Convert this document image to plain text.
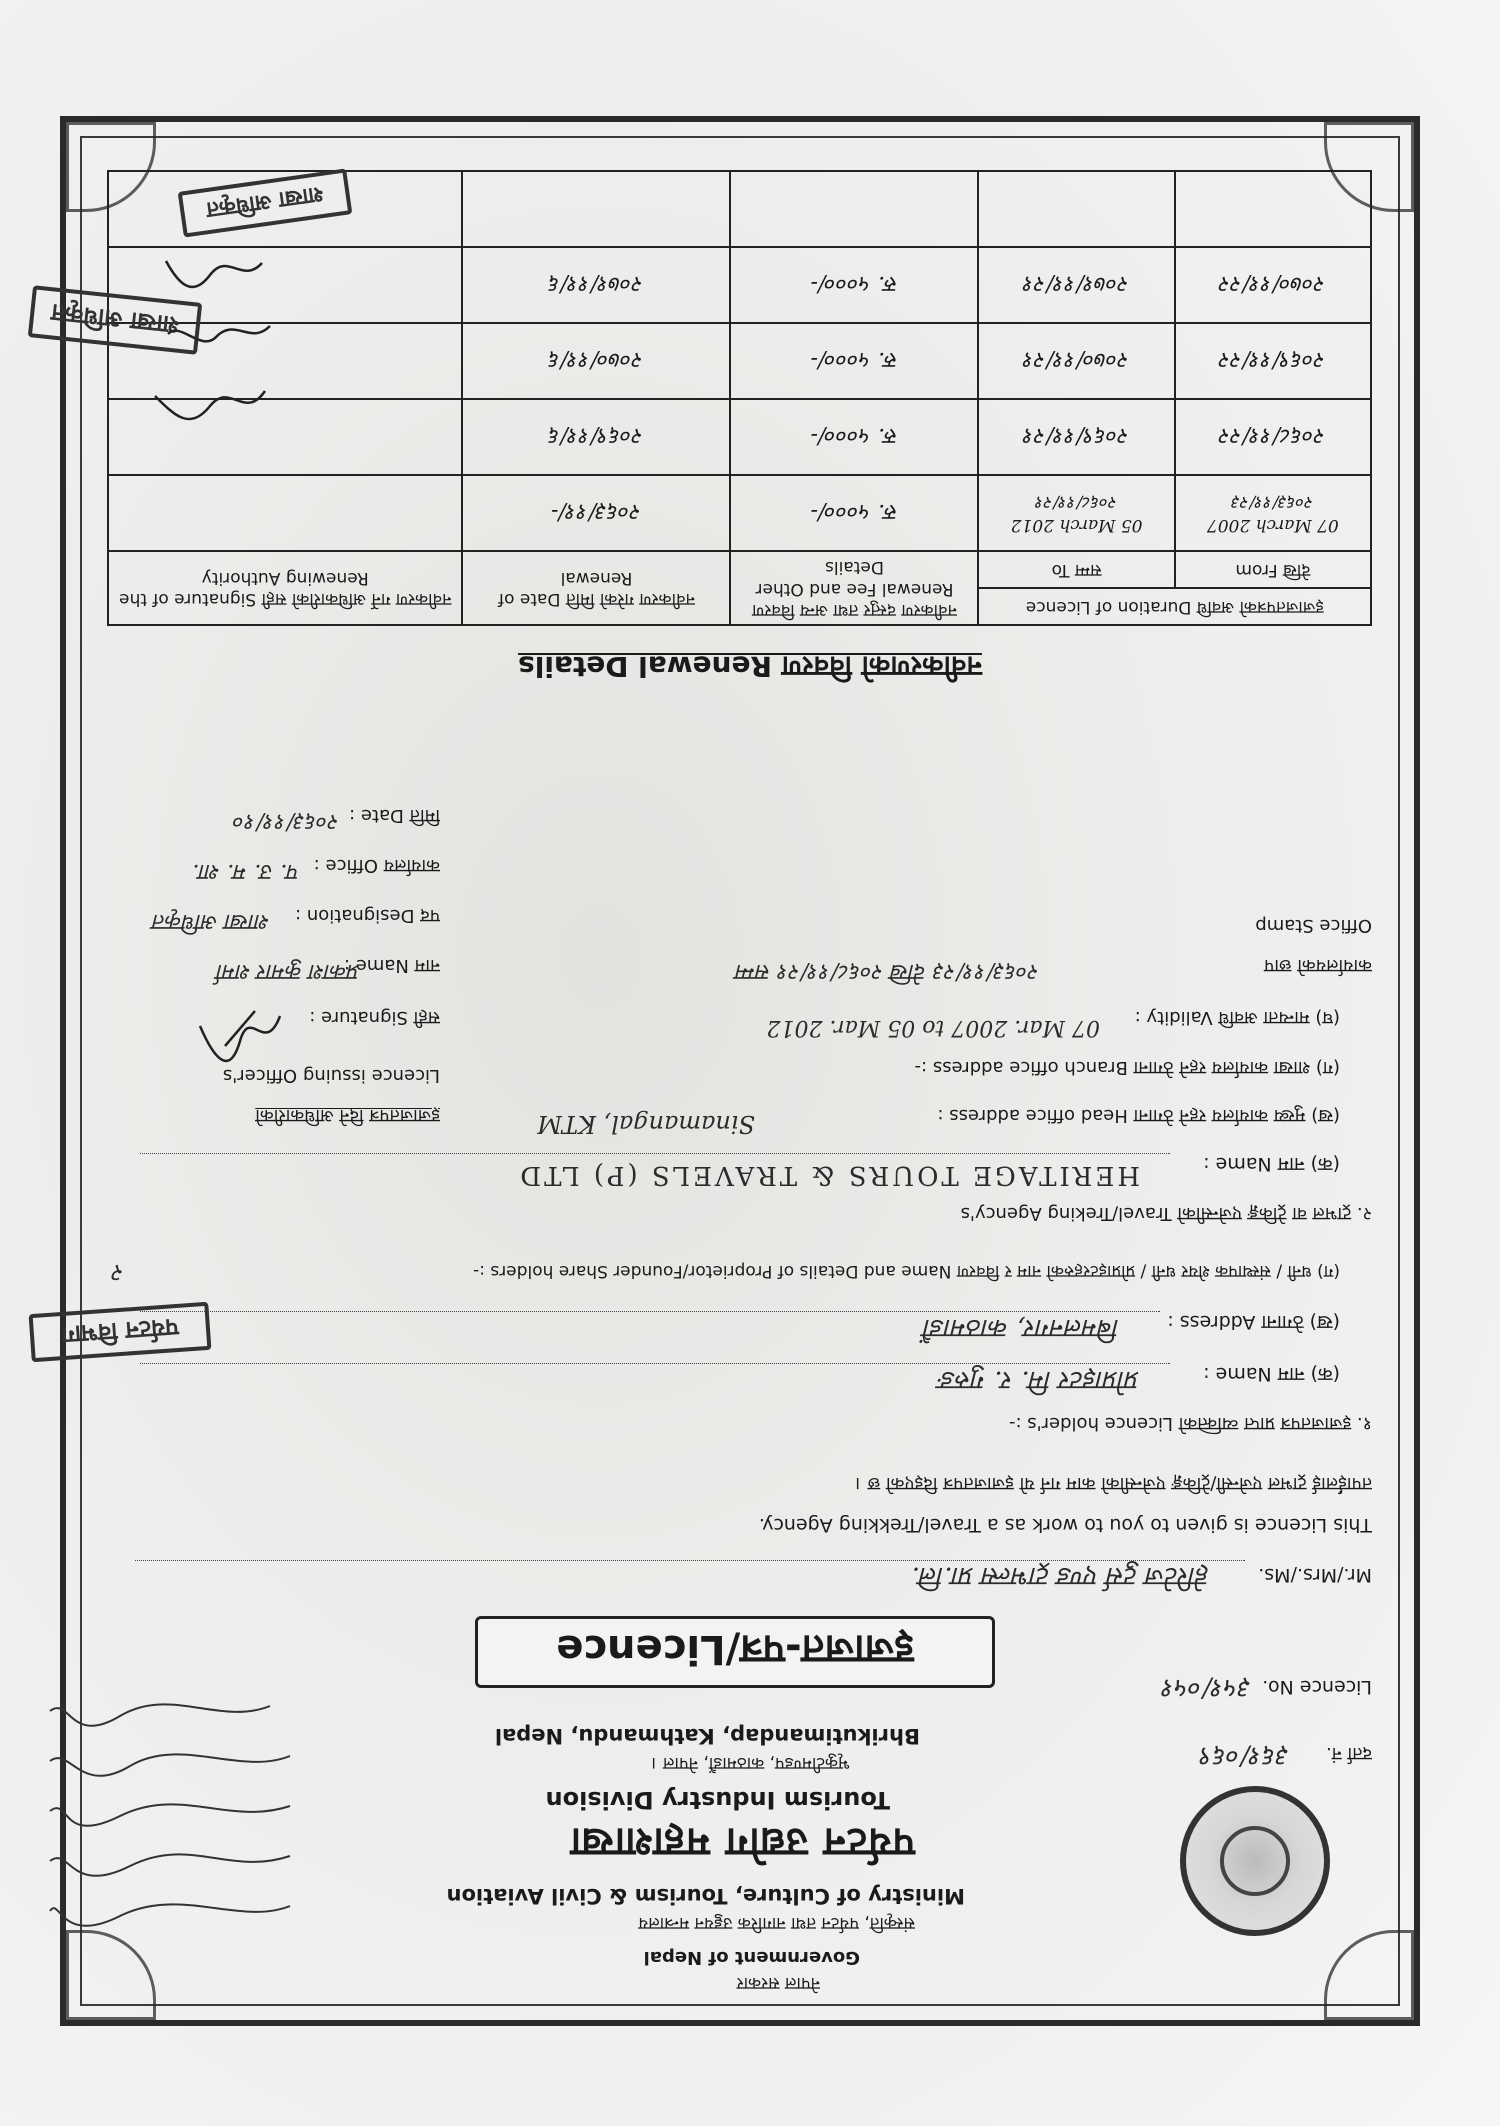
नेपाल सरकार
Government of Nepal
संस्कृति, पर्यटन तथा नागरिक उड्डयन मन्त्रालय
Ministry of Culture, Tourism & Civil Aviation
पर्यटन उद्योग महाशाखा
Tourism Industry Division
भृकुटीमण्डप, काठमाडौं, नेपाल ।
Bhrikutimandap, Kathmandu, Nepal
दर्ता नं.
३६१/०६९
Licence No.
३५१/०५१
इजाजत-पत्र/Licence
Mr./Mrs./Ms.
हेरिटेज टुर्स एण्ड ट्राभल्स प्रा.लि.
This Licence is given to you to work as a Travel/Trekking Agency.
तपाईंलाई ट्राभल एजेन्सी/ट्रेकिङ्ग एजेन्सीको काम गर्न यो इजाजतपत्र दिइएको छ ।
१. इजाजतपत्र प्राप्त व्यक्तिको Licence holder's :-
(क) नाम Name :
प्रोप्राइटर मि. र. गुरुङ
(ख) ठेगाना Address :
बिमलनगर, काठमाडौं
(ग) धनी / संस्थापक शेयर धनी / प्रोप्राइटरहरुको नाम र विवरण Name and Details of Proprietor/Founder Share holders :-
२
२. ट्राभल वा ट्रेकिङ्ग एजेन्सीको Travel/Treking Agency's
(क) नाम Name :
HERITAGE TOURS & TRAVELS (P) LTD
(ख) मुख्य कार्यालय रहने ठेगाना Head office address :
Sinamangal, KTM
इजाजतपत्र दिने अधिकारीको
(ग) शाखा कार्यालय रहने ठेगाना Branch office address :-
Licence issuing Officer's
(घ) मान्यता अवधि Validity :
07 Mar. 2007 to 05 Mar. 2012
२०६३/११/२३ देखि २०६८/११/२१ सम्म
सही Signature :
नाम Name :
प्रकाश कुमार शर्मा
पद Designation :
शाखा अधिकृत
कार्यालय Office :
प. उ. म. शा.
मिति Date :
२०६३/११/१०
कार्यालयको छाप
Office Stamp
नवीकरणको विवरण Renewal Details
इजाजतपत्रको अवधि Duration of Licence		नवीकरण दस्तुर तथा अन्य विवरण Renewal Fee and Other Details	नवीकरण गरेको मिति Date of Renewal	नवीकरण गर्ने अधिकारीको सही Signature of the Renewing Authority
देखि From	सम्म To			
07 March 2007 २०६३/११/२३	05 March 2012 २०६८/११/२१	रु. ५०००/-	२०६३/११/-	
२०६८/११/२२	२०६९/११/२१	रु. ५०००/-	२०६९/११/६	
२०६९/११/२२	२०७०/११/२१	रु. ५०००/-	२०७०/११/६	
२०७०/११/२२	२०७१/११/२१	रु. ५०००/-	२०७१/११/६	

पर्यटन विभाग
शाखा अधिकृत
शाखा अधिकृत
